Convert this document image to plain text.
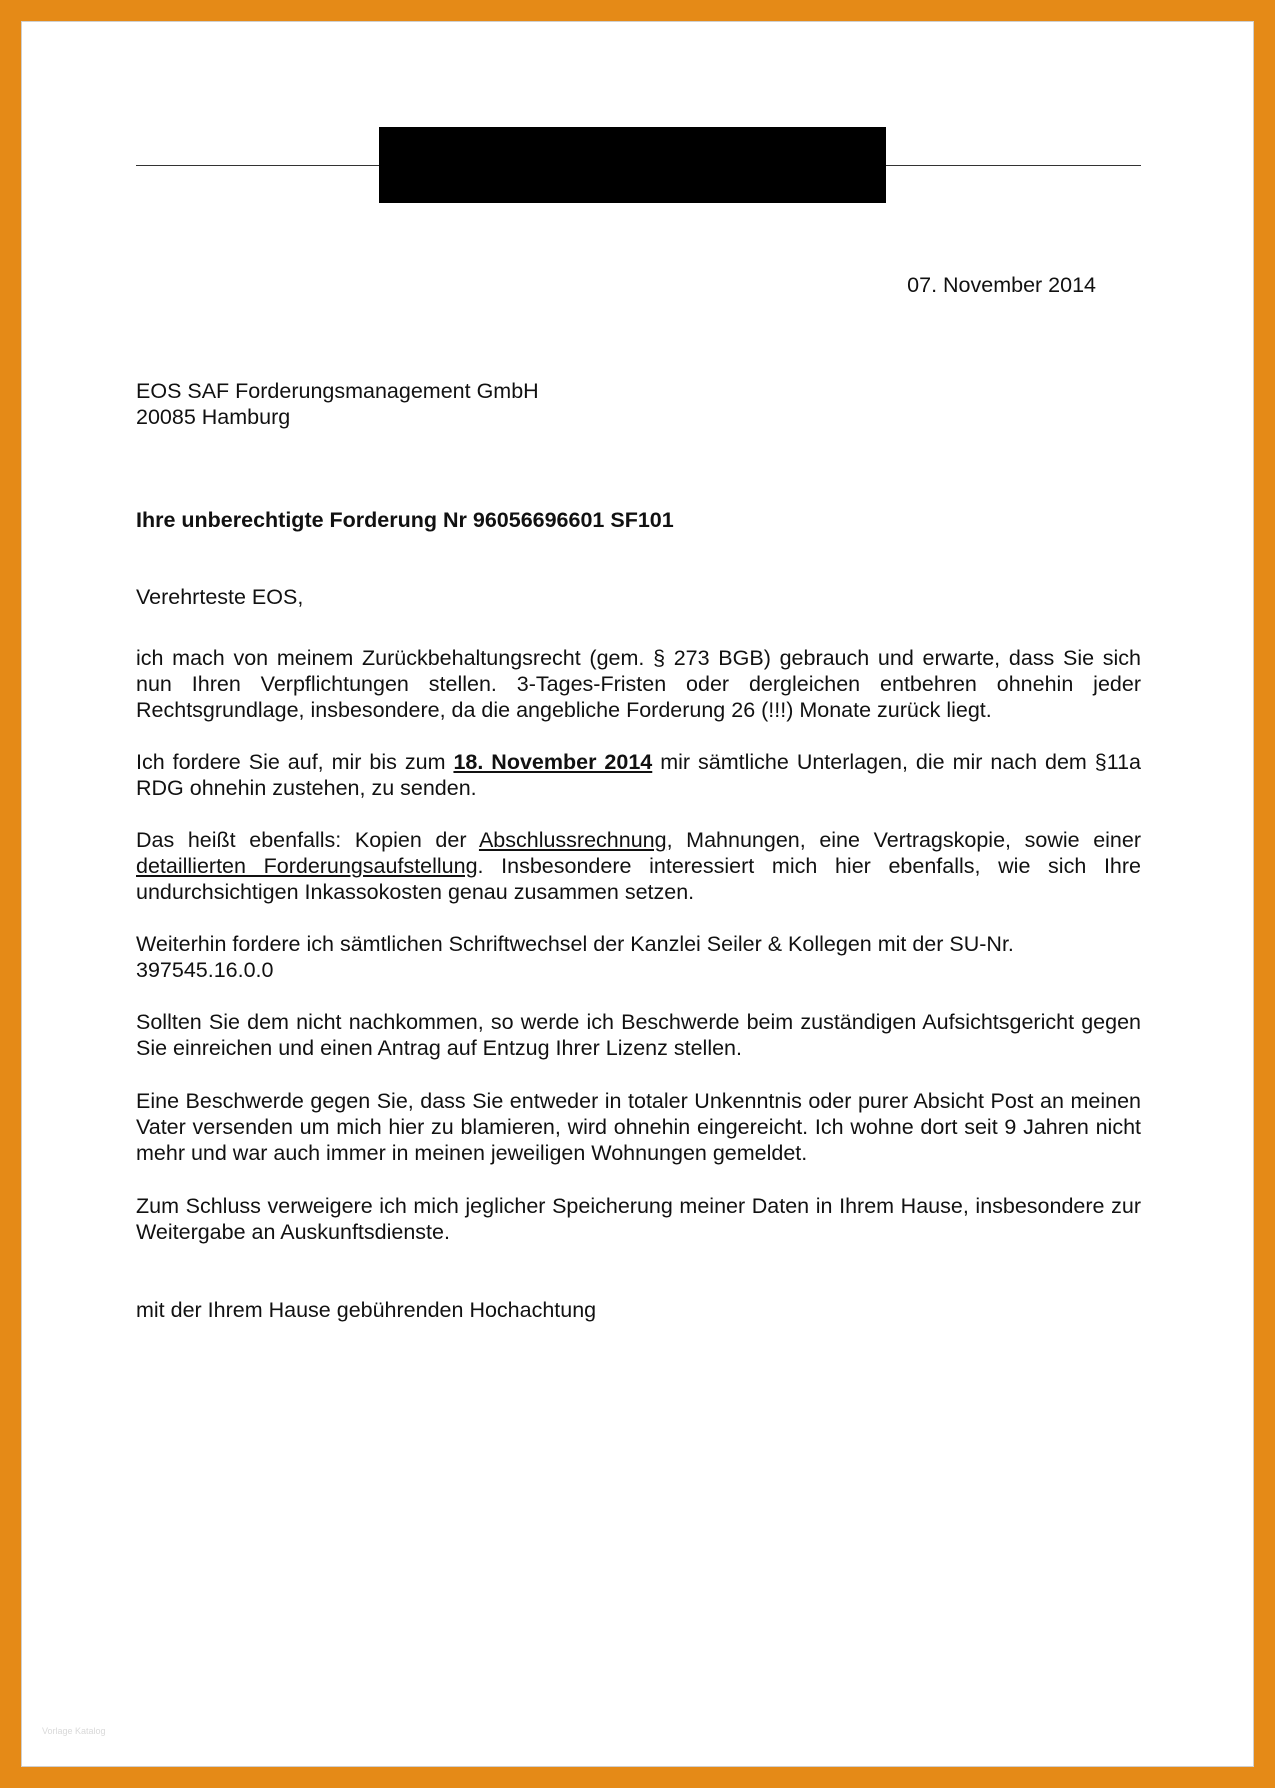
07. November 2014
EOS SAF Forderungsmanagement GmbH
20085 Hamburg
Ihre unberechtigte Forderung Nr 96056696601 SF101
Verehrteste EOS,
ich mach von meinem Zurückbehaltungsrecht (gem. § 273 BGB) gebrauch und erwarte, dass Sie sich nun Ihren Verpflichtungen stellen. 3-Tages-Fristen oder dergleichen entbehren ohnehin jeder Rechtsgrundlage, insbesondere, da die angebliche Forderung 26 (!!!) Monate zurück liegt.
Ich fordere Sie auf, mir bis zum 18. November 2014 mir sämtliche Unterlagen, die mir nach dem §11a RDG ohnehin zustehen, zu senden.
Das heißt ebenfalls: Kopien der Abschlussrechnung, Mahnungen, eine Vertragskopie, sowie einer detaillierten Forderungsaufstellung. Insbesondere interessiert mich hier ebenfalls, wie sich Ihre undurchsichtigen Inkassokosten genau zusammen setzen.
Weiterhin fordere ich sämtlichen Schriftwechsel der Kanzlei Seiler & Kollegen mit der SU-Nr. 397545.16.0.0
Sollten Sie dem nicht nachkommen, so werde ich Beschwerde beim zuständigen Aufsichtsgericht gegen Sie einreichen und einen Antrag auf Entzug Ihrer Lizenz stellen.
Eine Beschwerde gegen Sie, dass Sie entweder in totaler Unkenntnis oder purer Absicht Post an meinen Vater versenden um mich hier zu blamieren, wird ohnehin eingereicht. Ich wohne dort seit 9 Jahren nicht mehr und war auch immer in meinen jeweiligen Wohnungen gemeldet.
Zum Schluss verweigere ich mich jeglicher Speicherung meiner Daten in Ihrem Hause, insbesondere zur Weitergabe an Auskunftsdienste.
mit der Ihrem Hause gebührenden Hochachtung
Vorlage Katalog
